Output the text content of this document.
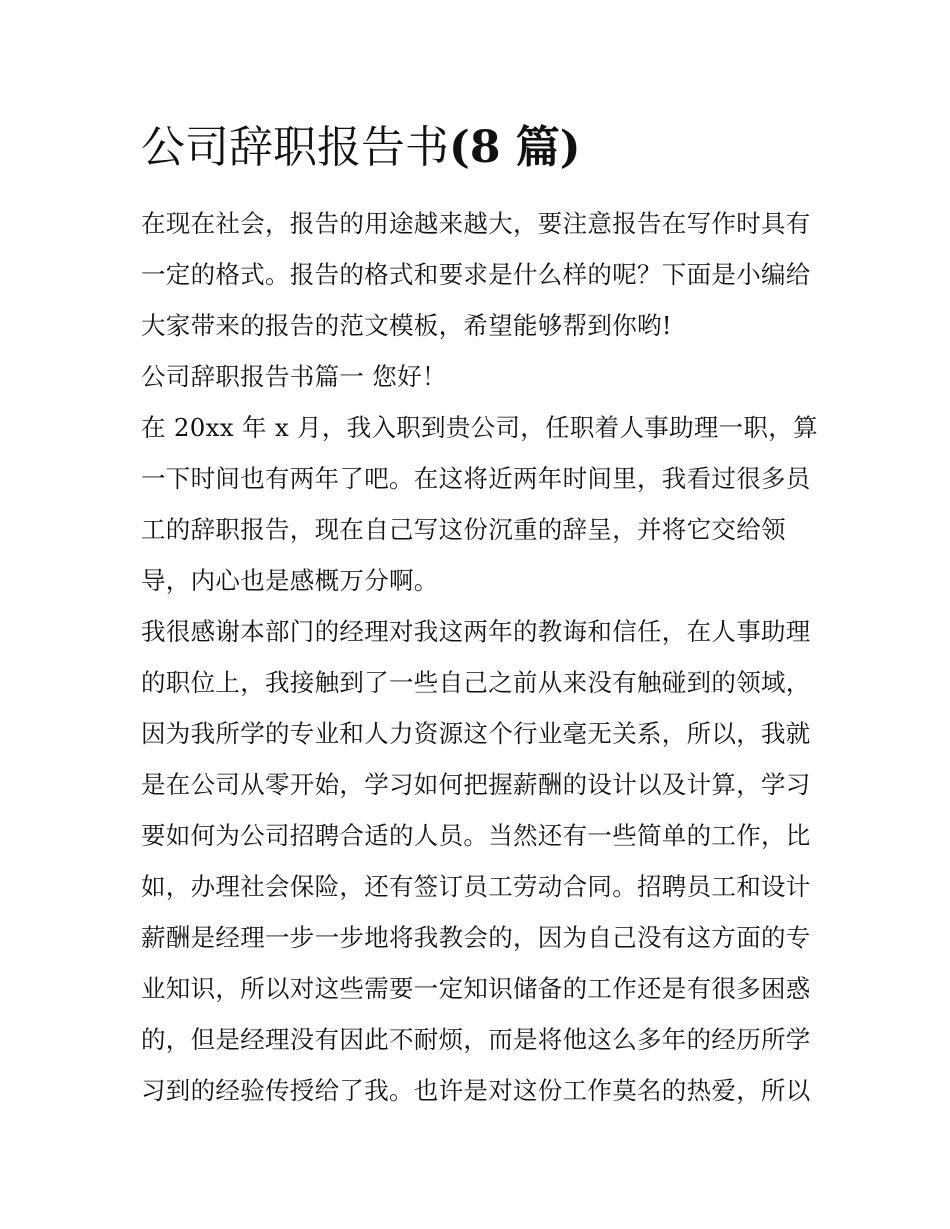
公司辞职报告书(8 篇)

在现在社会，报告的用途越来越大，要注意报告在写作时具有一定的格式。报告的格式和要求是什么样的呢？下面是小编给大家带来的报告的范文模板，希望能够帮到你哟!

公司辞职报告书篇一 您好！

在 20xx 年 x 月，我入职到贵公司，任职着人事助理一职，算一下时间也有两年了吧。在这将近两年时间里，我看过很多员工的辞职报告，现在自己写这份沉重的辞呈，并将它交给领导，内心也是感概万分啊。

我很感谢本部门的经理对我这两年的教诲和信任，在人事助理的职位上，我接触到了一些自己之前从来没有触碰到的领域，因为我所学的专业和人力资源这个行业毫无关系，所以，我就是在公司从零开始，学习如何把握薪酬的设计以及计算，学习要如何为公司招聘合适的人员。当然还有一些简单的工作，比如，办理社会保险，还有签订员工劳动合同。招聘员工和设计薪酬是经理一步一步地将我教会的，因为自己没有这方面的专业知识，所以对这些需要一定知识储备的工作还是有很多困惑的，但是经理没有因此不耐烦，而是将他这么多年的经历所学习到的经验传授给了我。也许是对这份工作莫名的热爱，所以
